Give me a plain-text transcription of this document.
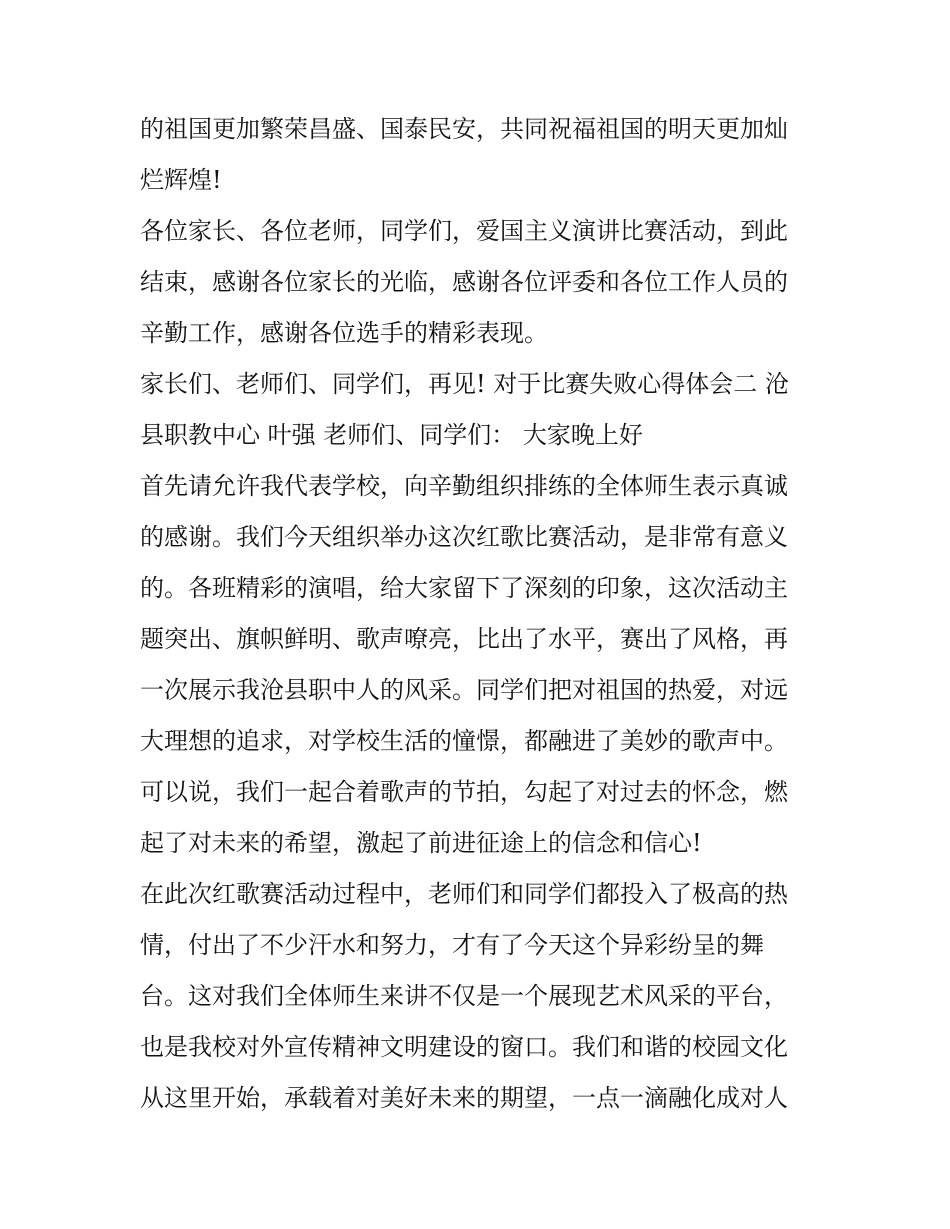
的祖国更加繁荣昌盛、国泰民安，共同祝福祖国的明天更加灿
烂辉煌!
各位家长、各位老师，同学们，爱国主义演讲比赛活动，到此
结束，感谢各位家长的光临，感谢各位评委和各位工作人员的
辛勤工作，感谢各位选手的精彩表现。
家长们、老师们、同学们，再见! 对于比赛失败心得体会二 沧
县职教中心 叶强 老师们、同学们： 大家晚上好
首先请允许我代表学校，向辛勤组织排练的全体师生表示真诚
的感谢。我们今天组织举办这次红歌比赛活动，是非常有意义
的。各班精彩的演唱，给大家留下了深刻的印象，这次活动主
题突出、旗帜鲜明、歌声嘹亮，比出了水平，赛出了风格，再
一次展示我沧县职中人的风采。同学们把对祖国的热爱，对远
大理想的追求，对学校生活的憧憬，都融进了美妙的歌声中。
可以说，我们一起合着歌声的节拍，勾起了对过去的怀念，燃
起了对未来的希望，激起了前进征途上的信念和信心!
在此次红歌赛活动过程中，老师们和同学们都投入了极高的热
情，付出了不少汗水和努力，才有了今天这个异彩纷呈的舞
台。这对我们全体师生来讲不仅是一个展现艺术风采的平台，
也是我校对外宣传精神文明建设的窗口。我们和谐的校园文化
从这里开始，承载着对美好未来的期望，一点一滴融化成对人
